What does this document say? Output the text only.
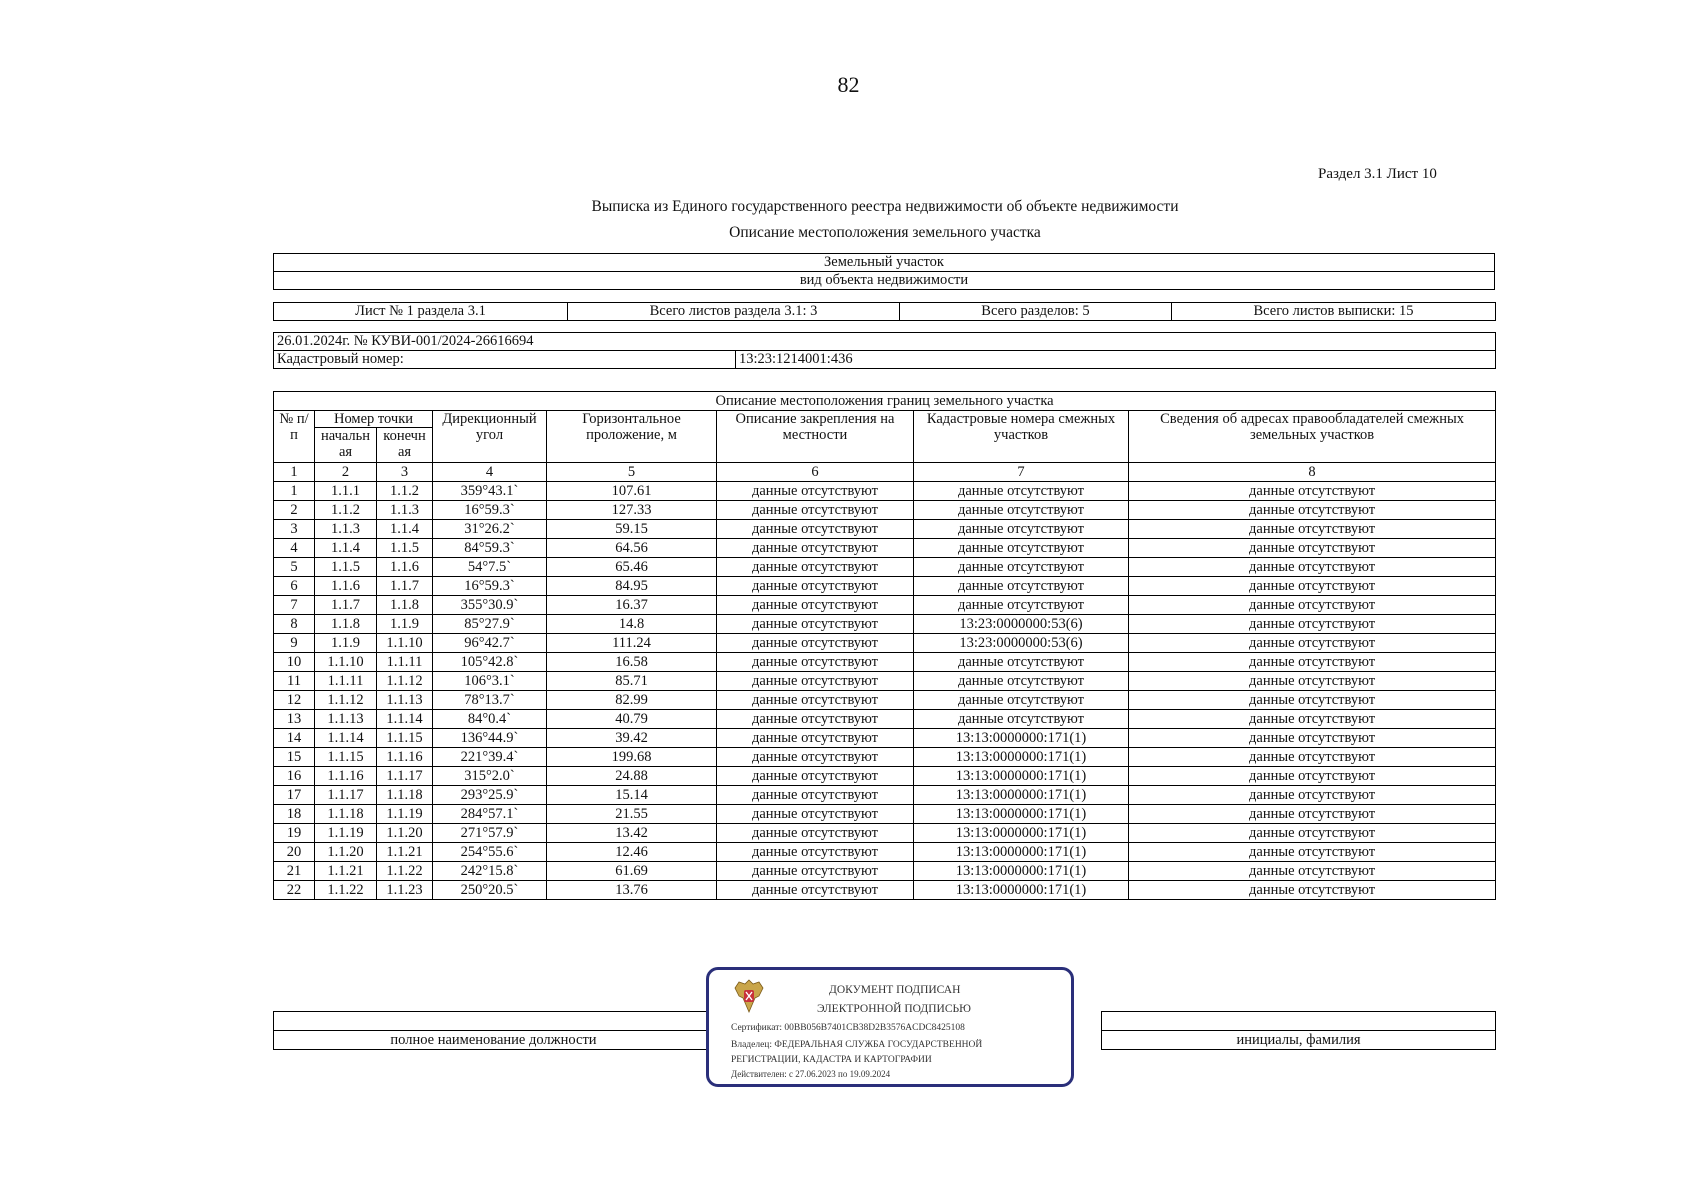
82
Раздел 3.1 Лист 10
Выписка из Единого государственного реестра недвижимости об объекте недвижимости
Описание местоположения земельного участка
Земельный участок
вид объекта недвижимости
Лист № 1 раздела 3.1	Всего листов раздела 3.1: 3	Всего разделов: 5	Всего листов выписки: 15
26.01.2024г. № КУВИ-001/2024-26616694
Кадастровый номер:	13:23:1214001:436
Описание местоположения границ земельного участка							
№ п/п	Номер точки		Дирекционный угол	Горизонтальное проложение, м	Описание закрепления на местности	Кадастровые номера смежных участков	Сведения об адресах правообладателей смежных земельных участков
	начальн ая	конечн ая					
1	2	3	4	5	6	7	8
1	1.1.1	1.1.2	359°43.1`	107.61	данные отсутствуют	данные отсутствуют	данные отсутствуют
2	1.1.2	1.1.3	16°59.3`	127.33	данные отсутствуют	данные отсутствуют	данные отсутствуют
3	1.1.3	1.1.4	31°26.2`	59.15	данные отсутствуют	данные отсутствуют	данные отсутствуют
4	1.1.4	1.1.5	84°59.3`	64.56	данные отсутствуют	данные отсутствуют	данные отсутствуют
5	1.1.5	1.1.6	54°7.5`	65.46	данные отсутствуют	данные отсутствуют	данные отсутствуют
6	1.1.6	1.1.7	16°59.3`	84.95	данные отсутствуют	данные отсутствуют	данные отсутствуют
7	1.1.7	1.1.8	355°30.9`	16.37	данные отсутствуют	данные отсутствуют	данные отсутствуют
8	1.1.8	1.1.9	85°27.9`	14.8	данные отсутствуют	13:23:0000000:53(6)	данные отсутствуют
9	1.1.9	1.1.10	96°42.7`	111.24	данные отсутствуют	13:23:0000000:53(6)	данные отсутствуют
10	1.1.10	1.1.11	105°42.8`	16.58	данные отсутствуют	данные отсутствуют	данные отсутствуют
11	1.1.11	1.1.12	106°3.1`	85.71	данные отсутствуют	данные отсутствуют	данные отсутствуют
12	1.1.12	1.1.13	78°13.7`	82.99	данные отсутствуют	данные отсутствуют	данные отсутствуют
13	1.1.13	1.1.14	84°0.4`	40.79	данные отсутствуют	данные отсутствуют	данные отсутствуют
14	1.1.14	1.1.15	136°44.9`	39.42	данные отсутствуют	13:13:0000000:171(1)	данные отсутствуют
15	1.1.15	1.1.16	221°39.4`	199.68	данные отсутствуют	13:13:0000000:171(1)	данные отсутствуют
16	1.1.16	1.1.17	315°2.0`	24.88	данные отсутствуют	13:13:0000000:171(1)	данные отсутствуют
17	1.1.17	1.1.18	293°25.9`	15.14	данные отсутствуют	13:13:0000000:171(1)	данные отсутствуют
18	1.1.18	1.1.19	284°57.1`	21.55	данные отсутствуют	13:13:0000000:171(1)	данные отсутствуют
19	1.1.19	1.1.20	271°57.9`	13.42	данные отсутствуют	13:13:0000000:171(1)	данные отсутствуют
20	1.1.20	1.1.21	254°55.6`	12.46	данные отсутствуют	13:13:0000000:171(1)	данные отсутствуют
21	1.1.21	1.1.22	242°15.8`	61.69	данные отсутствуют	13:13:0000000:171(1)	данные отсутствуют
22	1.1.22	1.1.23	250°20.5`	13.76	данные отсутствуют	13:13:0000000:171(1)	данные отсутствуют

полное наименование должности		инициалы, фамилия
ДОКУМЕНТ ПОДПИСАН
ЭЛЕКТРОННОЙ ПОДПИСЬЮ
Сертификат: 00BB056B7401CB38D2B3576ACDC8425108
Владелец: ФЕДЕРАЛЬНАЯ СЛУЖБА ГОСУДАРСТВЕННОЙ
РЕГИСТРАЦИИ, КАДАСТРА И КАРТОГРАФИИ
Действителен: с 27.06.2023 по 19.09.2024
